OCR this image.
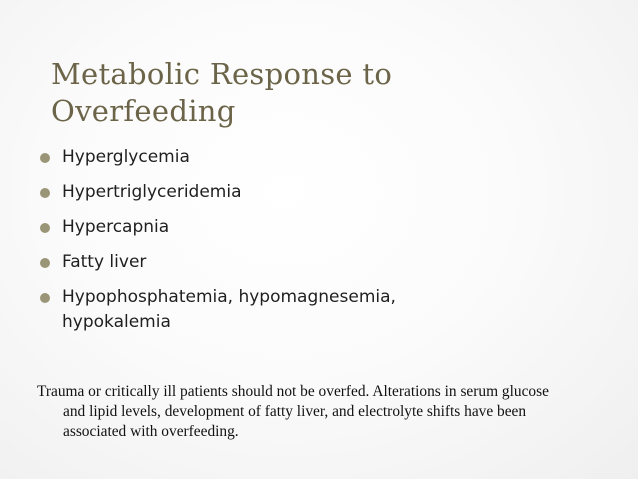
Metabolic Response to
Overfeeding
Hyperglycemia
Hypertriglyceridemia
Hypercapnia
Fatty liver
Hypophosphatemia, hypomagnesemia, hypokalemia

Trauma or critically ill patients should not be overfed. Alterations in serum glucose and lipid levels, development of fatty liver, and electrolyte shifts have been associated with overfeeding.
